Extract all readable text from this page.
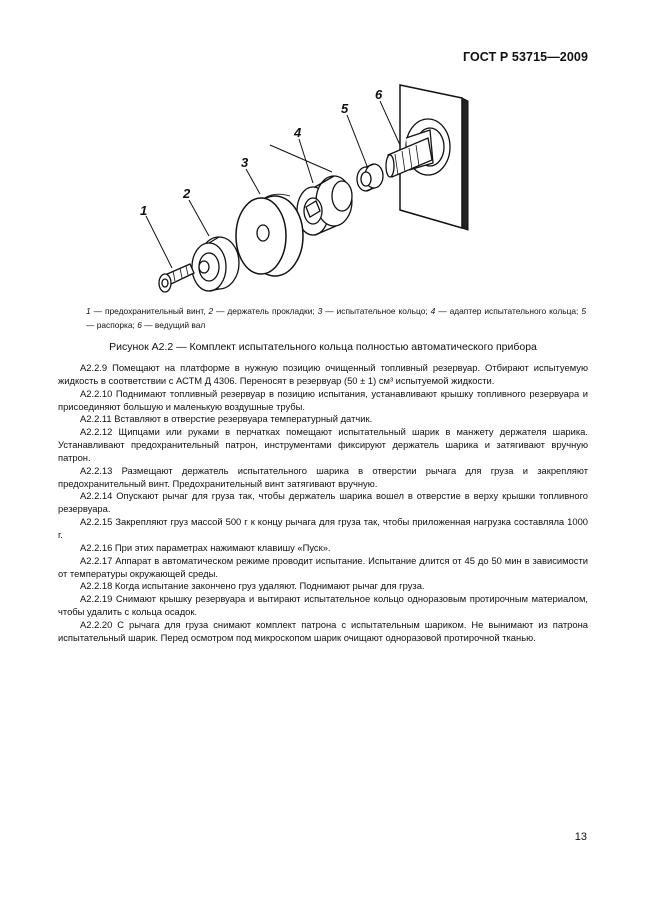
ГОСТ Р 53715—2009
1
2
3
4
5
6
1 — предохранительный винт, 2 — держатель прокладки; 3 — испытательное кольцо; 4 — адаптер испытательного кольца; 5 — распорка; 6 — ведущий вал
Рисунок А2.2 — Комплект испытательного кольца полностью автоматического прибора

А2.2.9 Помещают на платформе в нужную позицию очищенный топливный резервуар. Отбирают испытуемую жидкость в соответствии с АСТМ Д 4306. Переносят в резервуар (50 ± 1) см³ испытуемой жидкости.

А2.2.10 Поднимают топливный резервуар в позицию испытания, устанавливают крышку топливного резервуара и присоединяют большую и маленькую воздушные трубы.

А2.2.11 Вставляют в отверстие резервуара температурный датчик.

А2.2.12 Щипцами или руками в перчатках помещают испытательный шарик в манжету держателя шарика. Устанавливают предохранительный патрон, инструментами фиксируют держатель шарика и затягивают вручную патрон.

А2.2.13 Размещают держатель испытательного шарика в отверстии рычага для груза и закрепляют предохранительный винт. Предохранительный винт затягивают вручную.

А2.2.14 Опускают рычаг для груза так, чтобы держатель шарика вошел в отверстие в верху крышки топливного резервуара.

А2.2.15 Закрепляют груз массой 500 г к концу рычага для груза так, чтобы приложенная нагрузка составляла 1000 г.

А2.2.16 При этих параметрах нажимают клавишу «Пуск».

А2.2.17 Аппарат в автоматическом режиме проводит испытание. Испытание длится от 45 до 50 мин в зависимости от температуры окружающей среды.

А2.2.18 Когда испытание закончено груз удаляют. Поднимают рычаг для груза.

А2.2.19 Снимают крышку резервуара и вытирают испытательное кольцо одноразовым протирочным материалом, чтобы удалить с кольца осадок.

А2.2.20 С рычага для груза снимают комплект патрона с испытательным шариком. Не вынимают из патрона испытательный шарик. Перед осмотром под микроскопом шарик очищают одноразовой протирочной тканью.

13
